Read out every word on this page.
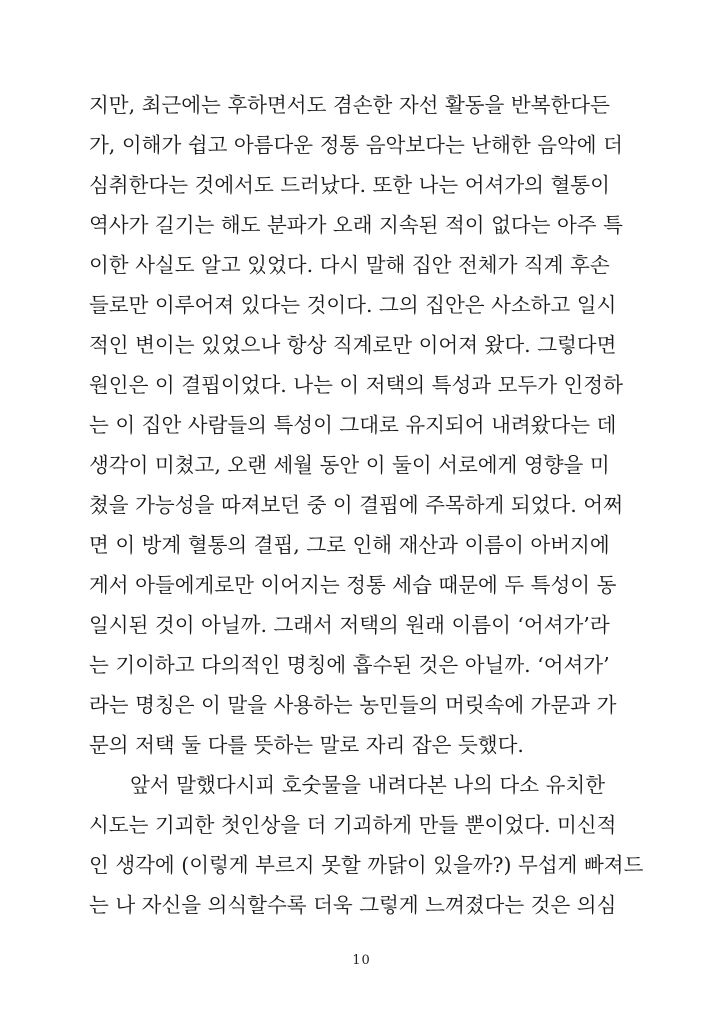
지만, 최근에는 후하면서도 겸손한 자선 활동을 반복한다든
가, 이해가 쉽고 아름다운 정통 음악보다는 난해한 음악에 더
심취한다는 것에서도 드러났다. 또한 나는 어셔가의 혈통이
역사가 길기는 해도 분파가 오래 지속된 적이 없다는 아주 특
이한 사실도 알고 있었다. 다시 말해 집안 전체가 직계 후손
들로만 이루어져 있다는 것이다. 그의 집안은 사소하고 일시
적인 변이는 있었으나 항상 직계로만 이어져 왔다. 그렇다면
원인은 이 결핍이었다. 나는 이 저택의 특성과 모두가 인정하
는 이 집안 사람들의 특성이 그대로 유지되어 내려왔다는 데
생각이 미쳤고, 오랜 세월 동안 이 둘이 서로에게 영향을 미
쳤을 가능성을 따져보던 중 이 결핍에 주목하게 되었다. 어쩌
면 이 방계 혈통의 결핍, 그로 인해 재산과 이름이 아버지에
게서 아들에게로만 이어지는 정통 세습 때문에 두 특성이 동
일시된 것이 아닐까. 그래서 저택의 원래 이름이 ‘어셔가’라
는 기이하고 다의적인 명칭에 흡수된 것은 아닐까. ‘어셔가’
라는 명칭은 이 말을 사용하는 농민들의 머릿속에 가문과 가
문의 저택 둘 다를 뜻하는 말로 자리 잡은 듯했다.
앞서 말했다시피 호숫물을 내려다본 나의 다소 유치한
시도는 기괴한 첫인상을 더 기괴하게 만들 뿐이었다. 미신적
인 생각에 (이렇게 부르지 못할 까닭이 있을까?) 무섭게 빠져드
는 나 자신을 의식할수록 더욱 그렇게 느껴졌다는 것은 의심
10
